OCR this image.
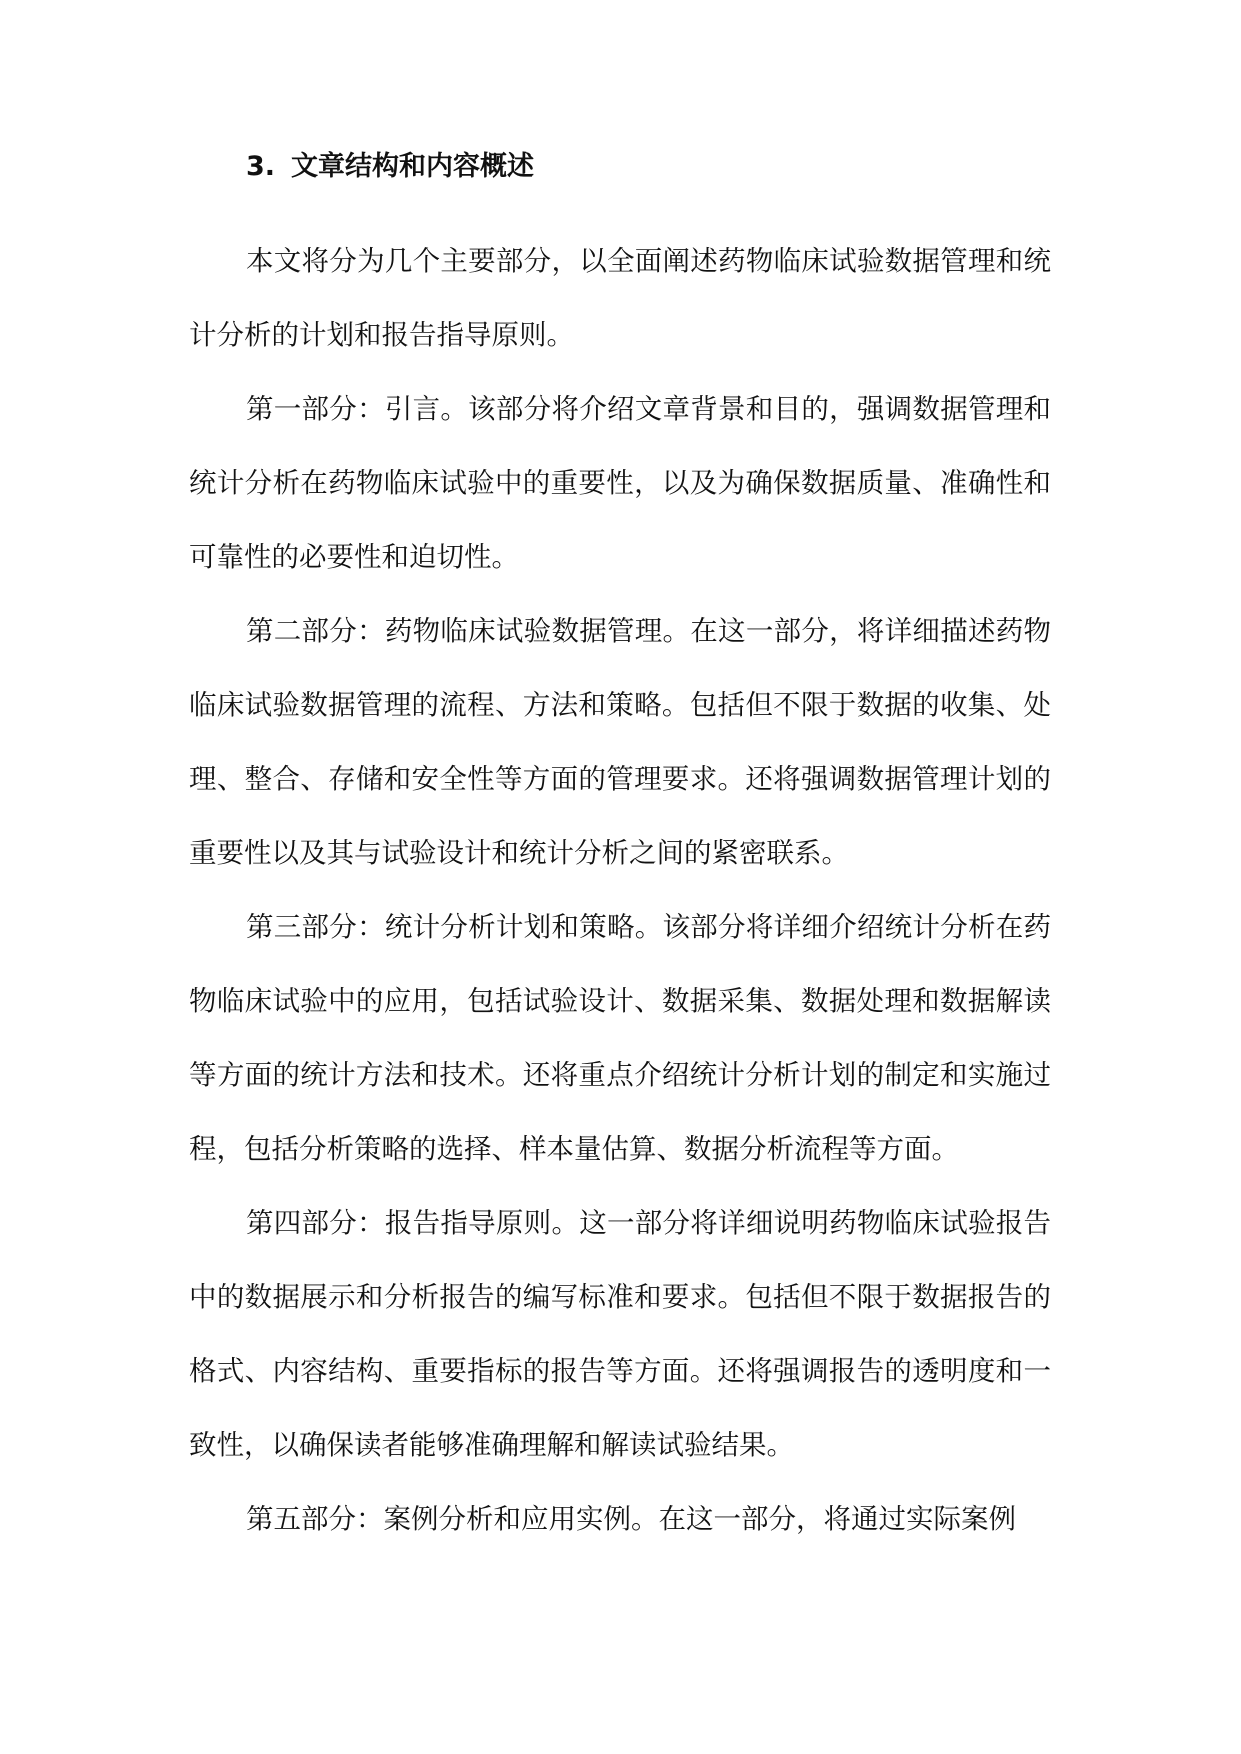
3. 文章结构和内容概述

本文将分为几个主要部分，以全面阐述药物临床试验数据管理和统计分析的计划和报告指导原则。

第一部分：引言。该部分将介绍文章背景和目的，强调数据管理和统计分析在药物临床试验中的重要性，以及为确保数据质量、准确性和可靠性的必要性和迫切性。

第二部分：药物临床试验数据管理。在这一部分，将详细描述药物临床试验数据管理的流程、方法和策略。包括但不限于数据的收集、处理、整合、存储和安全性等方面的管理要求。还将强调数据管理计划的重要性以及其与试验设计和统计分析之间的紧密联系。

第三部分：统计分析计划和策略。该部分将详细介绍统计分析在药物临床试验中的应用，包括试验设计、数据采集、数据处理和数据解读等方面的统计方法和技术。还将重点介绍统计分析计划的制定和实施过程，包括分析策略的选择、样本量估算、数据分析流程等方面。

第四部分：报告指导原则。这一部分将详细说明药物临床试验报告中的数据展示和分析报告的编写标准和要求。包括但不限于数据报告的格式、内容结构、重要指标的报告等方面。还将强调报告的透明度和一致性，以确保读者能够准确理解和解读试验结果。

第五部分：案例分析和应用实例。在这一部分，将通过实际案例
